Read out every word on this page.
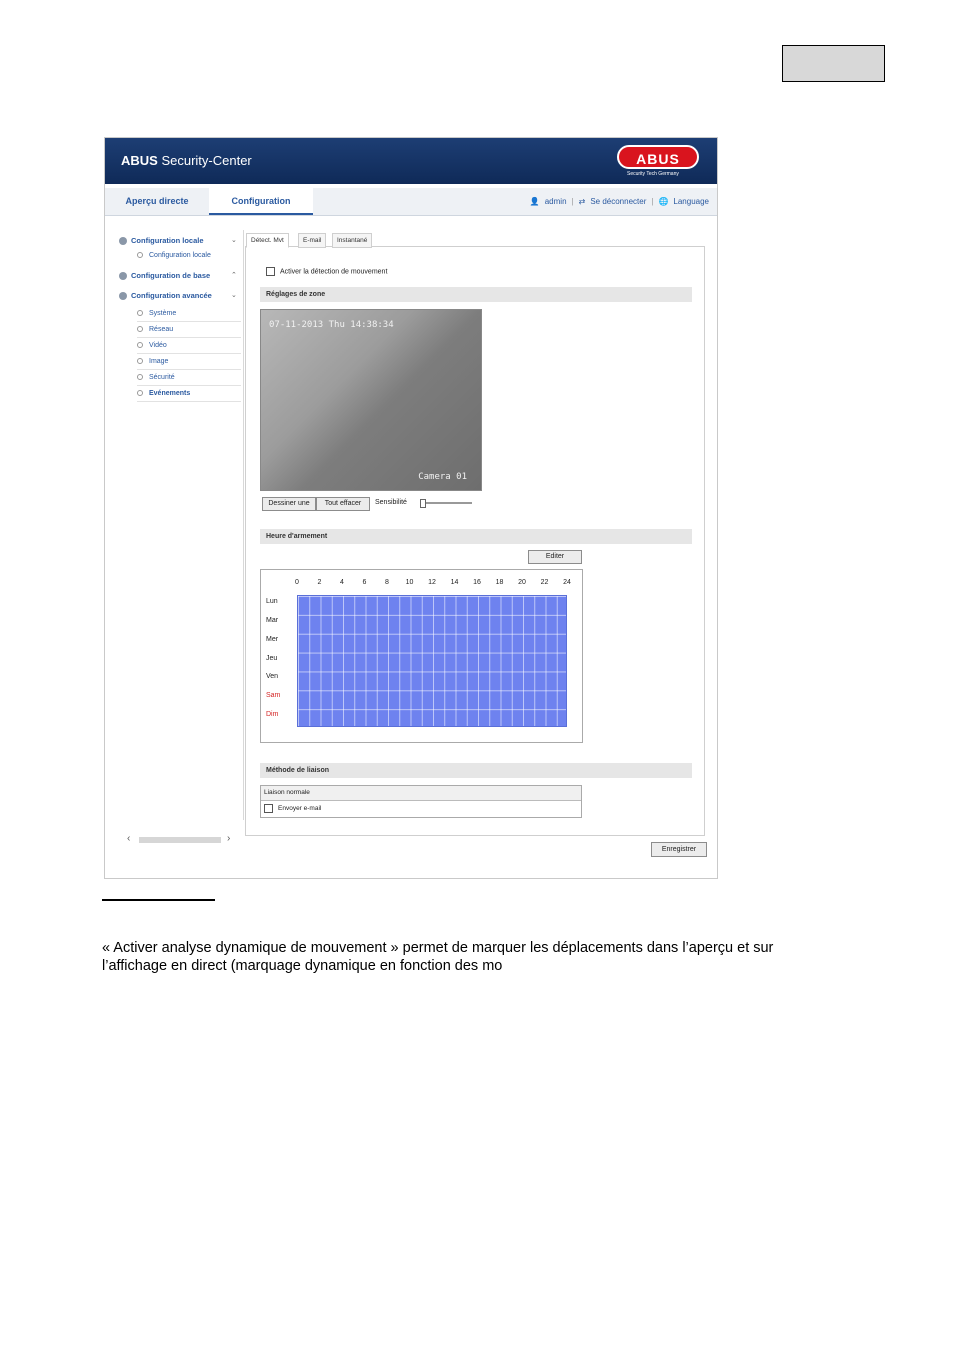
ABUS Security-Center	ABUS
Security Tech Germany
Aperçu directe	Configuration	👤 admin | ⇄ Se déconnecter | 🌐 Language
Configuration locale	⌄
Configuration locale
Configuration de base	⌃
Configuration avancée	⌄
Système
Réseau
Vidéo
Image
Sécurité
Evénements
‹	›
Détect. Mvt	E-mail	Instantané
Activer la détection de mouvement
Réglages de zone
07-11-2013 Thu 14:38:34
Camera 01
Dessiner une	Tout effacer	Sensibilité
Heure d'armement
Editer
0	2	4	6	8 10 12 14 16 18 20 22 24
Lun
Mar
Mer
Jeu
Ven
Sam
Dim
Méthode de liaison
Liaison normale
Envoyer e-mail
Enregistrer
« Activer analyse dynamique de mouvement » permet de marquer les déplacements dans l’aperçu et sur
l’affichage en direct (marquage dynamique en fonction des mo
